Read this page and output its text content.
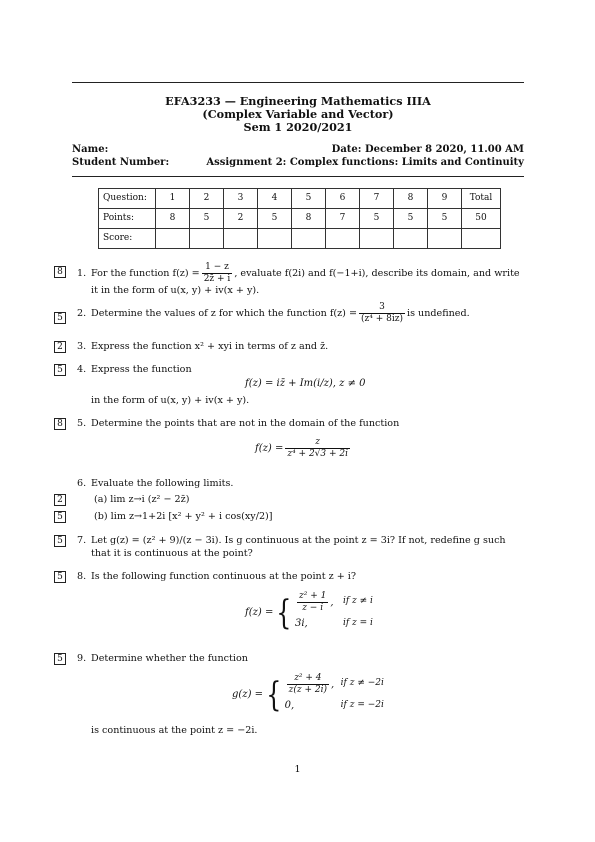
EFA3233 — Engineering Mathematics IIIA
(Complex Variable and Vector)
Sem 1 2020/2021
Name:
Student Number:
Date: December 8 2020, 11.00 AM
Assignment 2: Complex functions: Limits and Continuity
Question:	1	2	3	4	5	6	7	8	9	Total
Points:	8	5	2	5	8	7	5	5	5	50
Score:										
8	1. For the function $f(z) = \frac{1 - z}{2z̄ + i}$ , evaluate f(2i) and f(−1+i), describe its domain, and write
it in the form of u(x, y) + iv(x + y).
5	2. Determine the values of z for which the function $f(z) = \frac{3}{\text{(z⁴ + 8iz)}}$ is undefined.
2	3. Express the function x² + xyi in terms of z and z̄.
5	4. Express the function
f(z) = iz̄ + Im(i/z), z ≠ 0
in the form of u(x, y) + iv(x + y).
8	5. Determine the points that are not in the domain of the function
$f(z) = \frac{z}{\text{z⁴ + 2√3 + 2i}}$
6. Evaluate the following limits.
2	(a) lim z→i (z² − 2z̄)
5	(b) lim z→1+2i [x² + y² + i cos(xy/2)]
5	7. Let g(z) = (z² + 9)/(z − 3i). Is g continuous at the point z = 3i? If not, redefine g such
that it is continuous at the point?
5	8. Is the following function continuous at the point z + i?
f(z) = { $\frac{\text{z² + 1}}{z - i}$ ,	if z ≠ i
3i,	if z = i
5	9. Determine whether the function
g(z) = { $\frac{\text{z² + 4}}{z(z + 2i)}$ , if z ≠ −2i
0,	if z = −2i
is continuous at the point z = −2i.
1
